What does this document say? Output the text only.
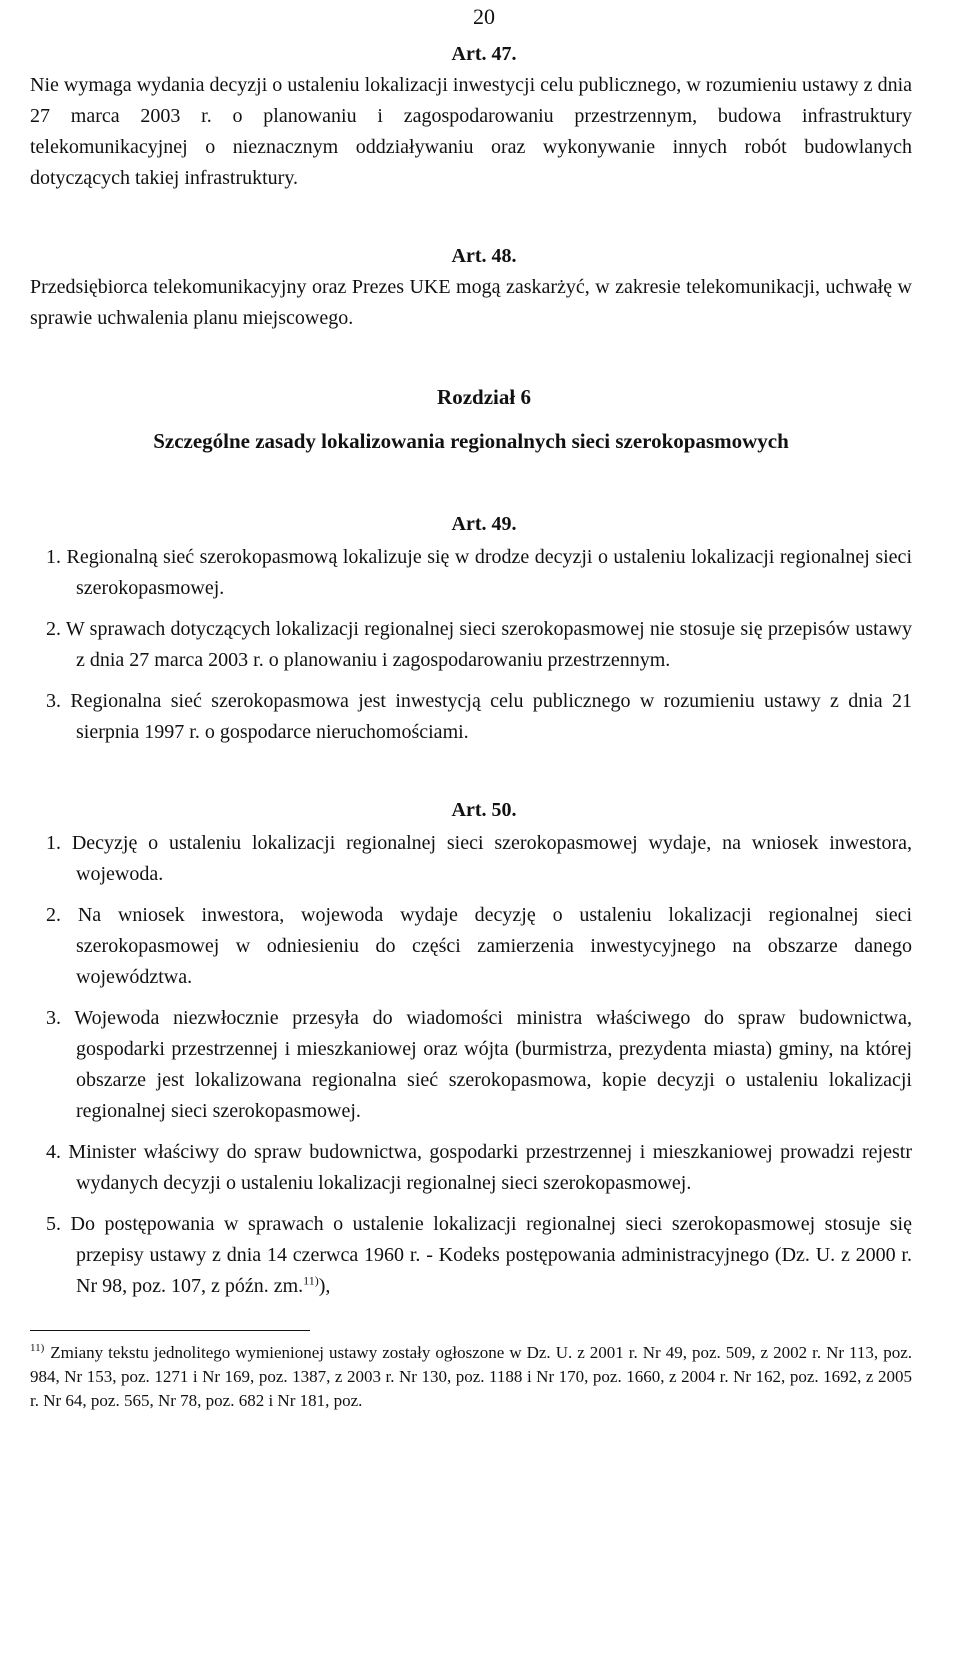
20
Art. 47.

Nie wymaga wydania decyzji o ustaleniu lokalizacji inwestycji celu publicznego, w rozumieniu ustawy z dnia 27 marca 2003 r. o planowaniu i zagospodarowaniu przestrzennym, budowa infrastruktury telekomunikacyjnej o nieznacznym oddziaływaniu oraz wykonywanie innych robót budowlanych dotyczących takiej infrastruktury.

Art. 48.

Przedsiębiorca telekomunikacyjny oraz Prezes UKE mogą zaskarżyć, w zakresie telekomunikacji, uchwałę w sprawie uchwalenia planu miejscowego.

Rozdział 6
Szczególne zasady lokalizowania regionalnych sieci szerokopasmowych
Art. 49.

1. Regionalną sieć szerokopasmową lokalizuje się w drodze decyzji o ustaleniu lokalizacji regionalnej sieci szerokopasmowej.

2. W sprawach dotyczących lokalizacji regionalnej sieci szerokopasmowej nie stosuje się przepisów ustawy z dnia 27 marca 2003 r. o planowaniu i zagospodarowaniu przestrzennym.

3. Regionalna sieć szerokopasmowa jest inwestycją celu publicznego w rozumieniu ustawy z dnia 21 sierpnia 1997 r. o gospodarce nieruchomościami.

Art. 50.

1. Decyzję o ustaleniu lokalizacji regionalnej sieci szerokopasmowej wydaje, na wniosek inwestora, wojewoda.

2. Na wniosek inwestora, wojewoda wydaje decyzję o ustaleniu lokalizacji regionalnej sieci szerokopasmowej w odniesieniu do części zamierzenia inwestycyjnego na obszarze danego województwa.

3. Wojewoda niezwłocznie przesyła do wiadomości ministra właściwego do spraw budownictwa, gospodarki przestrzennej i mieszkaniowej oraz wójta (burmistrza, prezydenta miasta) gminy, na której obszarze jest lokalizowana regionalna sieć szerokopasmowa, kopie decyzji o ustaleniu lokalizacji regionalnej sieci szerokopasmowej.

4. Minister właściwy do spraw budownictwa, gospodarki przestrzennej i mieszkaniowej prowadzi rejestr wydanych decyzji o ustaleniu lokalizacji regionalnej sieci szerokopasmowej.

5. Do postępowania w sprawach o ustalenie lokalizacji regionalnej sieci szerokopasmowej stosuje się przepisy ustawy z dnia 14 czerwca 1960 r. - Kodeks postępowania administracyjnego (Dz. U. z 2000 r. Nr 98, poz. 107, z późn. zm.$^{11)}$),

$^{11)}$ Zmiany tekstu jednolitego wymienionej ustawy zostały ogłoszone w Dz. U. z 2001 r. Nr 49, poz. 509, z 2002 r. Nr 113, poz. 984, Nr 153, poz. 1271 i Nr 169, poz. 1387, z 2003 r. Nr 130, poz. 1188 i Nr 170, poz. 1660, z 2004 r. Nr 162, poz. 1692, z 2005 r. Nr 64, poz. 565, Nr 78, poz. 682 i Nr 181, poz.
